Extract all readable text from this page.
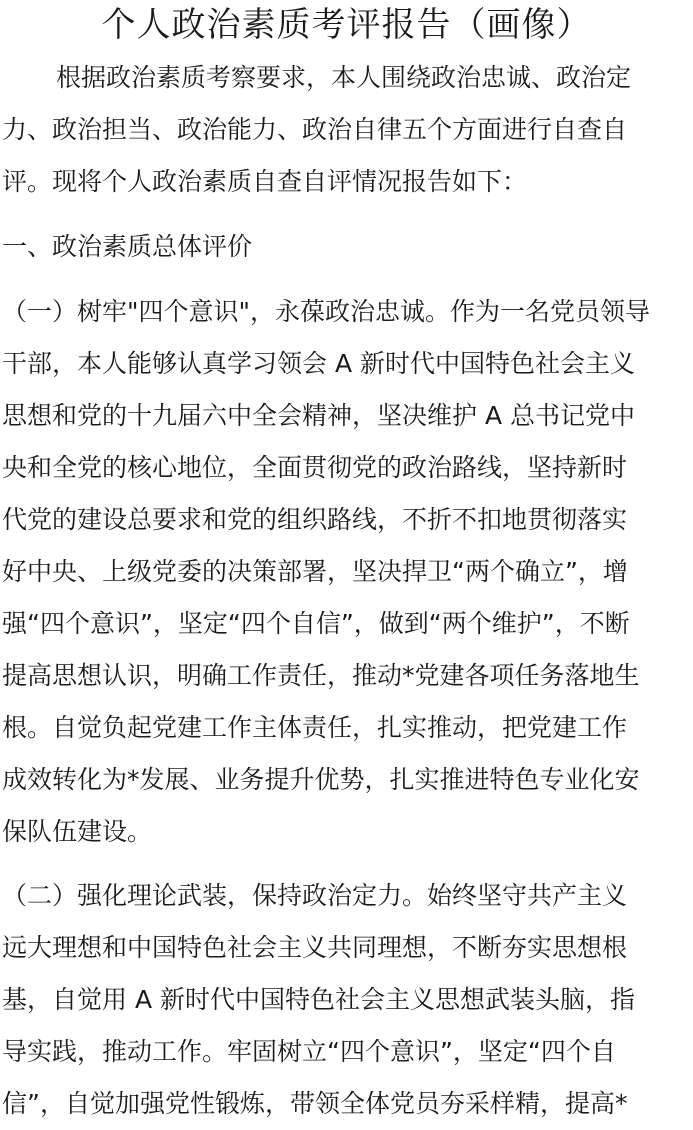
个人政治素质考评报告（画像）
根据政治素质考察要求，本人围绕政治忠诚、政治定
力、政治担当、政治能力、政治自律五个方面进行自查自
评。现将个人政治素质自查自评情况报告如下：
一、政治素质总体评价
（一）树牢"四个意识"，永葆政治忠诚。作为一名党员领导
干部，本人能够认真学习领会 A 新时代中国特色社会主义
思想和党的十九届六中全会精神，坚决维护 A 总书记党中
央和全党的核心地位，全面贯彻党的政治路线，坚持新时
代党的建设总要求和党的组织路线，不折不扣地贯彻落实
好中央、上级党委的决策部署，坚决捍卫“两个确立”，增
强“四个意识”，坚定“四个自信”，做到“两个维护”，不断
提高思想认识，明确工作责任，推动*党建各项任务落地生
根。自觉负起党建工作主体责任，扎实推动，把党建工作
成效转化为*发展、业务提升优势，扎实推进特色专业化安
保队伍建设。
（二）强化理论武装，保持政治定力。始终坚守共产主义
远大理想和中国特色社会主义共同理想，不断夯实思想根
基，自觉用 A 新时代中国特色社会主义思想武装头脑，指
导实践，推动工作。牢固树立“四个意识”，坚定“四个自
信”，自觉加强党性锻炼，带领全体党员夯采样精，提高*
